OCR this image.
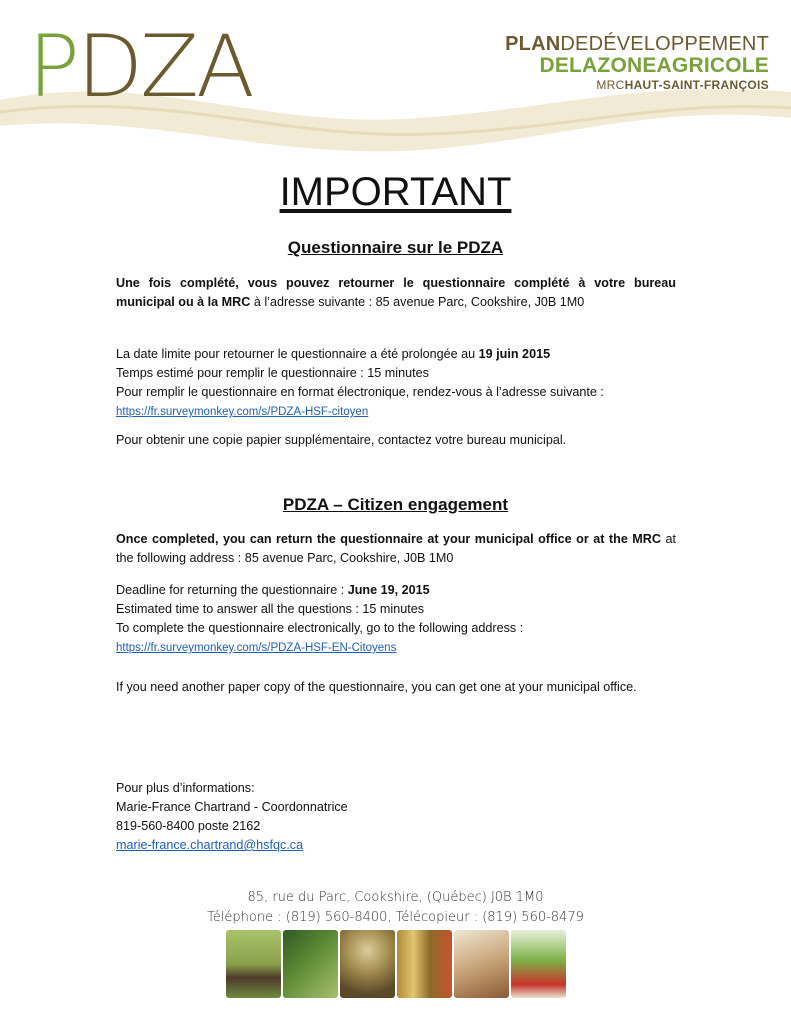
PDZA	PLANDEDÉVELOPPEMENT
DELAZONEAGRICOLE
MRCHAUT-SAINT-FRANÇOIS
IMPORTANT
Questionnaire sur le PDZA
Une fois complété, vous pouvez retourner le questionnaire complété à votre bureau municipal ou à la MRC à l’adresse suivante : 85 avenue Parc, Cookshire, J0B 1M0
La date limite pour retourner le questionnaire a été prolongée au 19 juin 2015
Temps estimé pour remplir le questionnaire : 15 minutes
Pour remplir le questionnaire en format électronique, rendez-vous à l’adresse suivante :
https://fr.surveymonkey.com/s/PDZA-HSF-citoyen
Pour obtenir une copie papier supplémentaire, contactez votre bureau municipal.
PDZA – Citizen engagement
Once completed, you can return the questionnaire at your municipal office or at the MRC at the following address : 85 avenue Parc, Cookshire, J0B 1M0
Deadline for returning the questionnaire : June 19, 2015
Estimated time to answer all the questions : 15 minutes
To complete the questionnaire electronically, go to the following address :
https://fr.surveymonkey.com/s/PDZA-HSF-EN-Citoyens
If you need another paper copy of the questionnaire, you can get one at your municipal office.
Pour plus d’informations:
Marie-France Chartrand - Coordonnatrice
819-560-8400 poste 2162
marie-france.chartrand@hsfqc.ca
85, rue du Parc, Cookshire, (Québec) J0B 1M0
Téléphone : (819) 560-8400, Télécopieur : (819) 560-8479
